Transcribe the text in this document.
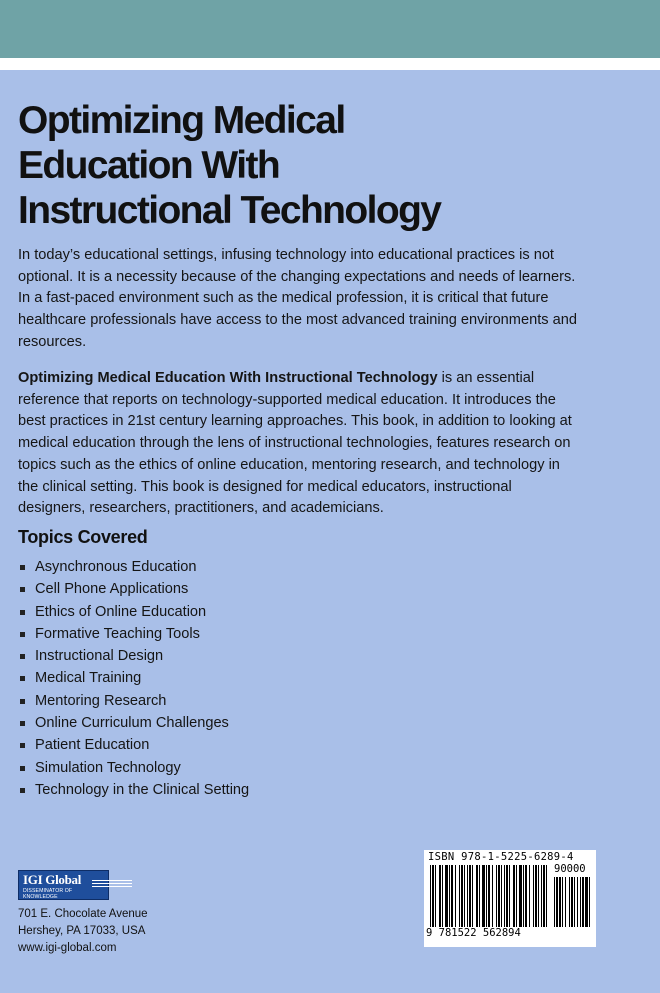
Optimizing Medical
Education With
Instructional Technology

In today’s educational settings, infusing technology into educational practices is not optional. It is a necessity because of the changing expectations and needs of learners. In a fast-paced environment such as the medical profession, it is critical that future healthcare professionals have access to the most advanced training environments and resources.

Optimizing Medical Education With Instructional Technology is an essential reference that reports on technology-supported medical education. It introduces the best practices in 21st century learning approaches. This book, in addition to looking at medical education through the lens of instructional technologies, features research on topics such as the ethics of online education, mentoring research, and technology in the clinical setting. This book is designed for medical educators, instructional designers, researchers, practitioners, and academicians.

Topics Covered
Asynchronous Education
Cell Phone Applications
Ethics of Online Education
Formative Teaching Tools
Instructional Design
Medical Training
Mentoring Research
Online Curriculum Challenges
Patient Education
Simulation Technology
Technology in the Clinical Setting
IGI Global
DISSEMINATOR OF KNOWLEDGE
701 E. Chocolate Avenue
Hershey, PA 17033, USA
www.igi-global.com
ISBN 978-1-5225-6289-4
90000
9 781522 562894
